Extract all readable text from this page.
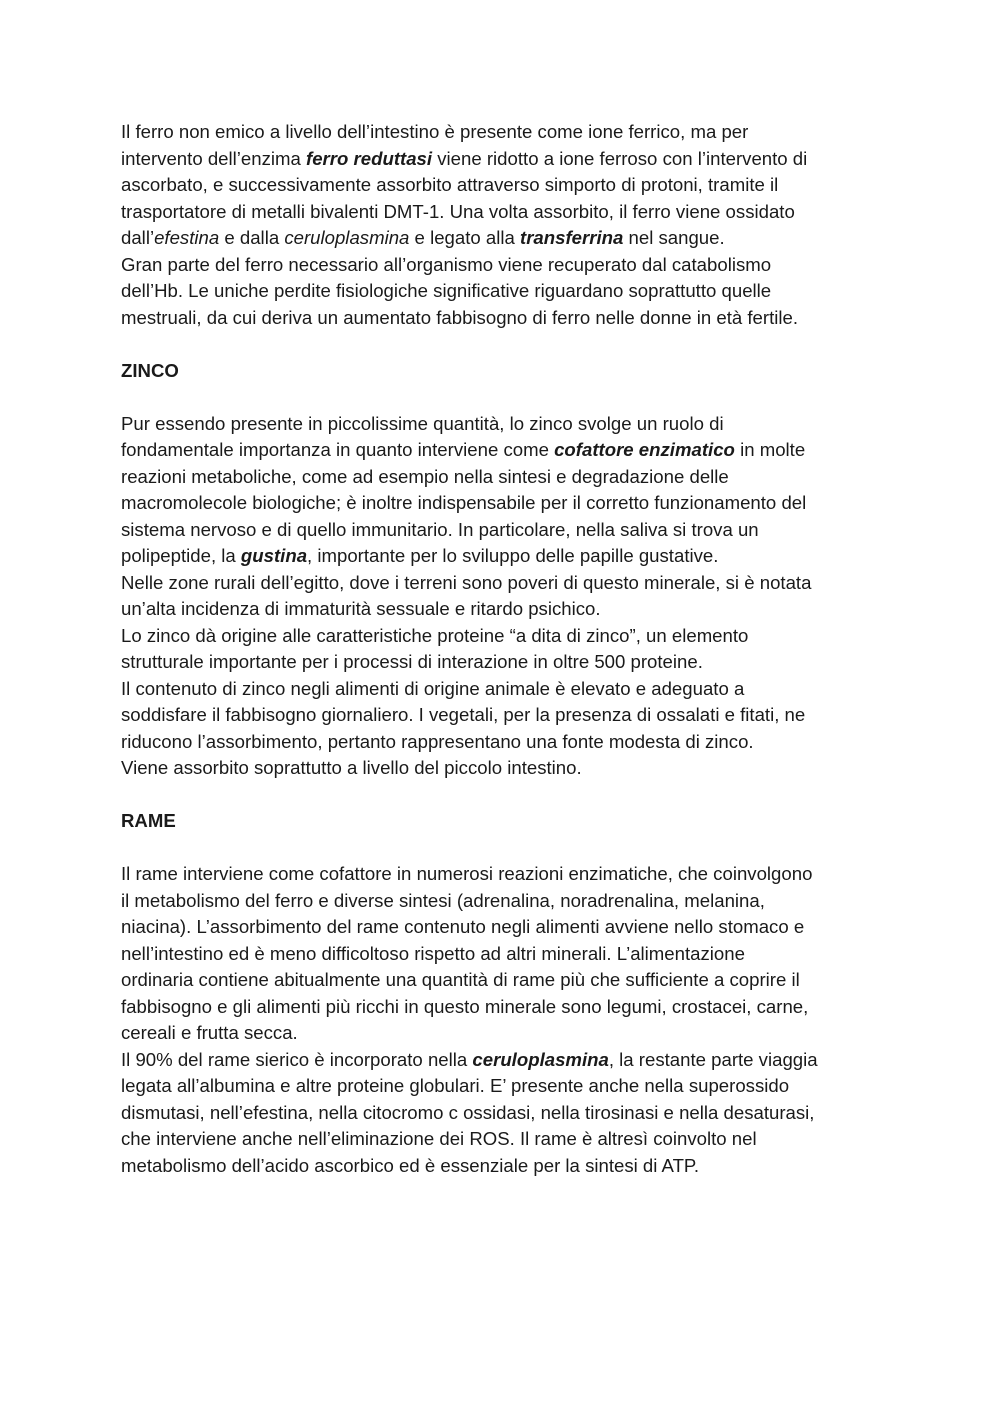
Il ferro non emico a livello dell’intestino è presente come ione ferrico, ma per
intervento dell’enzima ferro reduttasi viene ridotto a ione ferroso con l’intervento di
ascorbato, e successivamente assorbito attraverso simporto di protoni, tramite il
trasportatore di metalli bivalenti DMT-1. Una volta assorbito, il ferro viene ossidato
dall’efestina e dalla ceruloplasmina e legato alla transferrina nel sangue.
Gran parte del ferro necessario all’organismo viene recuperato dal catabolismo
dell’Hb. Le uniche perdite fisiologiche significative riguardano soprattutto quelle
mestruali, da cui deriva un aumentato fabbisogno di ferro nelle donne in età fertile.
ZINCO
Pur essendo presente in piccolissime quantità, lo zinco svolge un ruolo di
fondamentale importanza in quanto interviene come cofattore enzimatico in molte
reazioni metaboliche, come ad esempio nella sintesi e degradazione delle
macromolecole biologiche; è inoltre indispensabile per il corretto funzionamento del
sistema nervoso e di quello immunitario. In particolare, nella saliva si trova un
polipeptide, la gustina, importante per lo sviluppo delle papille gustative.
Nelle zone rurali dell’egitto, dove i terreni sono poveri di questo minerale, si è notata
un’alta incidenza di immaturità sessuale e ritardo psichico.
Lo zinco dà origine alle caratteristiche proteine “a dita di zinco”, un elemento
strutturale importante per i processi di interazione in oltre 500 proteine.
Il contenuto di zinco negli alimenti di origine animale è elevato e adeguato a
soddisfare il fabbisogno giornaliero. I vegetali, per la presenza di ossalati e fitati, ne
riducono l’assorbimento, pertanto rappresentano una fonte modesta di zinco.
Viene assorbito soprattutto a livello del piccolo intestino.
RAME
Il rame interviene come cofattore in numerosi reazioni enzimatiche, che coinvolgono
il metabolismo del ferro e diverse sintesi (adrenalina, noradrenalina, melanina,
niacina). L’assorbimento del rame contenuto negli alimenti avviene nello stomaco e
nell’intestino ed è meno difficoltoso rispetto ad altri minerali. L’alimentazione
ordinaria contiene abitualmente una quantità di rame più che sufficiente a coprire il
fabbisogno e gli alimenti più ricchi in questo minerale sono legumi, crostacei, carne,
cereali e frutta secca.
Il 90% del rame sierico è incorporato nella ceruloplasmina, la restante parte viaggia
legata all’albumina e altre proteine globulari. E’ presente anche nella superossido
dismutasi, nell’efestina, nella citocromo c ossidasi, nella tirosinasi e nella desaturasi,
che interviene anche nell’eliminazione dei ROS. Il rame è altresì coinvolto nel
metabolismo dell’acido ascorbico ed è essenziale per la sintesi di ATP.
